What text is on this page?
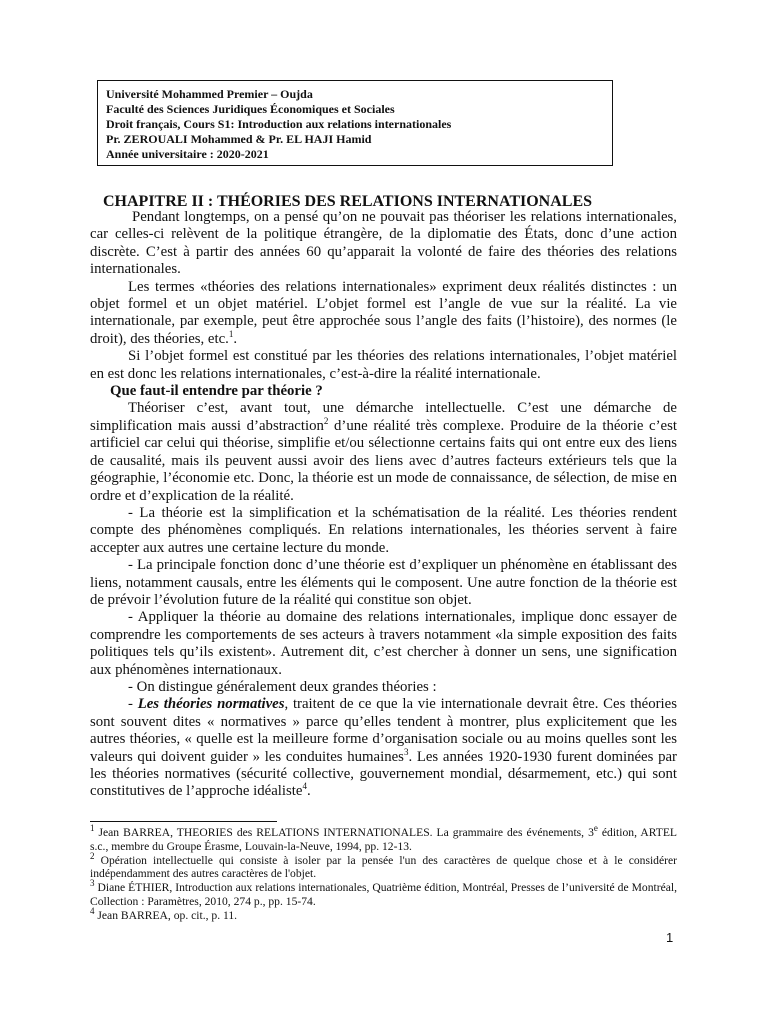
Université Mohammed Premier – Oujda
Faculté des Sciences Juridiques Économiques et Sociales
Droit français, Cours S1: Introduction aux relations internationales
Pr. ZEROUALI Mohammed & Pr. EL HAJI Hamid
Année universitaire : 2020-2021
CHAPITRE II : THÉORIES DES RELATIONS INTERNATIONALES

Pendant longtemps, on a pensé qu’on ne pouvait pas théoriser les relations internationales, car celles-ci relèvent de la politique étrangère, de la diplomatie des États, donc d’une action discrète. C’est à partir des années 60 qu’apparait la volonté de faire des théories des relations internationales.

Les termes «théories des relations internationales» expriment deux réalités distinctes : un objet formel et un objet matériel. L’objet formel est l’angle de vue sur la réalité. La vie internationale, par exemple, peut être approchée sous l’angle des faits (l’histoire), des normes (le droit), des théories, etc.$^1$.

Si l’objet formel est constitué par les théories des relations internationales, l’objet matériel en est donc les relations internationales, c’est-à-dire la réalité internationale.

Que faut-il entendre par théorie ?

Théoriser c’est, avant tout, une démarche intellectuelle. C’est une démarche de simplification mais aussi d’abstraction$^2$ d’une réalité très complexe. Produire de la théorie c’est artificiel car celui qui théorise, simplifie et/ou sélectionne certains faits qui ont entre eux des liens de causalité, mais ils peuvent aussi avoir des liens avec d’autres facteurs extérieurs tels que la géographie, l’économie etc. Donc, la théorie est un mode de connaissance, de sélection, de mise en ordre et d’explication de la réalité.

- La théorie est la simplification et la schématisation de la réalité. Les théories rendent compte des phénomènes compliqués. En relations internationales, les théories servent à faire accepter aux autres une certaine lecture du monde.

- La principale fonction donc d’une théorie est d’expliquer un phénomène en établissant des liens, notamment causals, entre les éléments qui le composent. Une autre fonction de la théorie est de prévoir l’évolution future de la réalité qui constitue son objet.

- Appliquer la théorie au domaine des relations internationales, implique donc essayer de comprendre les comportements de ses acteurs à travers notamment «la simple exposition des faits politiques tels qu’ils existent». Autrement dit, c’est chercher à donner un sens, une signification aux phénomènes internationaux.

- On distingue généralement deux grandes théories :

- Les théories normatives, traitent de ce que la vie internationale devrait être. Ces théories sont souvent dites « normatives » parce qu’elles tendent à montrer, plus explicitement que les autres théories, « quelle est la meilleure forme d’organisation sociale ou au moins quelles sont les valeurs qui doivent guider » les conduites humaines$^3$. Les années 1920-1930 furent dominées par les théories normatives (sécurité collective, gouvernement mondial, désarmement, etc.) qui sont constitutives de l’approche idéaliste$^4$.

$^1$ Jean BARREA, THEORIES des RELATIONS INTERNATIONALES. La grammaire des événements, 3e édition, ARTEL s.c., membre du Groupe Érasme, Louvain-la-Neuve, 1994, pp. 12-13.

$^2$ Opération intellectuelle qui consiste à isoler par la pensée l'un des caractères de quelque chose et à le considérer indépendamment des autres caractères de l'objet.

$^3$ Diane ÉTHIER, Introduction aux relations internationales, Quatrième édition, Montréal, Presses de l’université de Montréal, Collection : Paramètres, 2010, 274 p., pp. 15-74.

$^4$ Jean BARREA, op. cit., p. 11.

1
